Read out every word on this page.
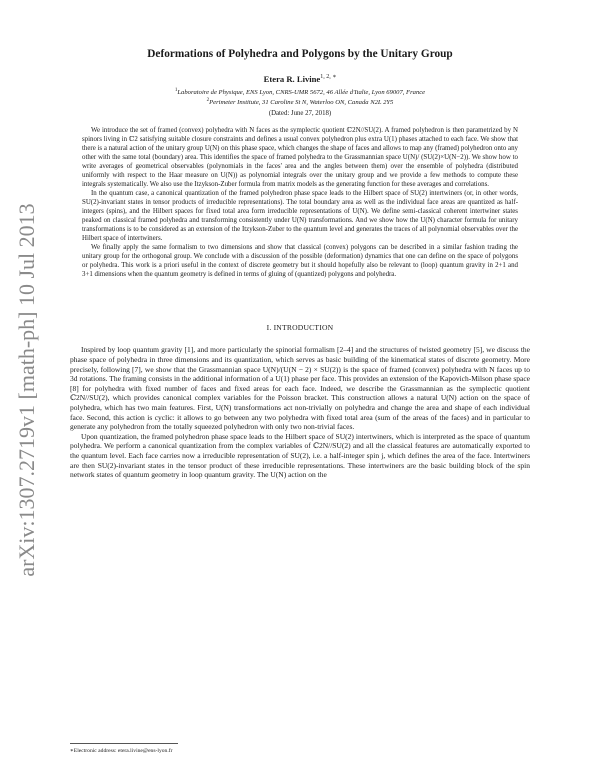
arXiv:1307.2719v1 [math-ph] 10 Jul 2013
Deformations of Polyhedra and Polygons by the Unitary Group
Etera R. Livine$^{1, 2, ∗}$
$^1$Laboratoire de Physique, ENS Lyon, CNRS-UMR 5672, 46 Allée d'Italie, Lyon 69007, France
$^2$Perimeter Institute, 31 Caroline St N, Waterloo ON, Canada N2L 2Y5
(Dated: June 27, 2018)

We introduce the set of framed (convex) polyhedra with N faces as the symplectic quotient ℂ2N//SU(2). A framed polyhedron is then parametrized by N spinors living in ℂ2 satisfying suitable closure constraints and defines a usual convex polyhedron plus extra U(1) phases attached to each face. We show that there is a natural action of the unitary group U(N) on this phase space, which changes the shape of faces and allows to map any (framed) polyhedron onto any other with the same total (boundary) area. This identifies the space of framed polyhedra to the Grassmannian space U(N)/ (SU(2)×U(N−2)). We show how to write averages of geometrical observables (polynomials in the faces' area and the angles between them) over the ensemble of polyhedra (distributed uniformly with respect to the Haar measure on U(N)) as polynomial integrals over the unitary group and we provide a few methods to compute these integrals systematically. We also use the Itzykson-Zuber formula from matrix models as the generating function for these averages and correlations.

In the quantum case, a canonical quantization of the framed polyhedron phase space leads to the Hilbert space of SU(2) intertwiners (or, in other words, SU(2)-invariant states in tensor products of irreducible representations). The total boundary area as well as the individual face areas are quantized as half-integers (spins), and the Hilbert spaces for fixed total area form irreducible representations of U(N). We define semi-classical coherent intertwiner states peaked on classical framed polyhedra and transforming consistently under U(N) transformations. And we show how the U(N) character formula for unitary transformations is to be considered as an extension of the Itzykson-Zuber to the quantum level and generates the traces of all polynomial observables over the Hilbert space of intertwiners.

We finally apply the same formalism to two dimensions and show that classical (convex) polygons can be described in a similar fashion trading the unitary group for the orthogonal group. We conclude with a discussion of the possible (deformation) dynamics that one can define on the space of polygons or polyhedra. This work is a priori useful in the context of discrete geometry but it should hopefully also be relevant to (loop) quantum gravity in 2+1 and 3+1 dimensions when the quantum geometry is defined in terms of gluing of (quantized) polygons and polyhedra.

I. INTRODUCTION

Inspired by loop quantum gravity [1], and more particularly the spinorial formalism [2–4] and the structures of twisted geometry [5], we discuss the phase space of polyhedra in three dimensions and its quantization, which serves as basic building of the kinematical states of discrete geometry. More precisely, following [7], we show that the Grassmannian space U(N)/(U(N − 2) × SU(2)) is the space of framed (convex) polyhedra with N faces up to 3d rotations. The framing consists in the additional information of a U(1) phase per face. This provides an extension of the Kapovich-Milson phase space [8] for polyhedra with fixed number of faces and fixed areas for each face. Indeed, we describe the Grassmannian as the symplectic quotient ℂ2N//SU(2), which provides canonical complex variables for the Poisson bracket. This construction allows a natural U(N) action on the space of polyhedra, which has two main features. First, U(N) transformations act non-trivially on polyhedra and change the area and shape of each individual face. Second, this action is cyclic: it allows to go between any two polyhedra with fixed total area (sum of the areas of the faces) and in particular to generate any polyhedron from the totally squeezed polyhedron with only two non-trivial faces.

Upon quantization, the framed polyhedron phase space leads to the Hilbert space of SU(2) intertwiners, which is interpreted as the space of quantum polyhedra. We perform a canonical quantization from the complex variables of ℂ2N//SU(2) and all the classical features are automatically exported to the quantum level. Each face carries now a irreducible representation of SU(2), i.e. a half-integer spin j, which defines the area of the face. Intertwiners are then SU(2)-invariant states in the tensor product of these irreducible representations. These intertwiners are the basic building block of the spin network states of quantum geometry in loop quantum gravity. The U(N) action on the

∗Electronic address: etera.livine@ens-lyon.fr
